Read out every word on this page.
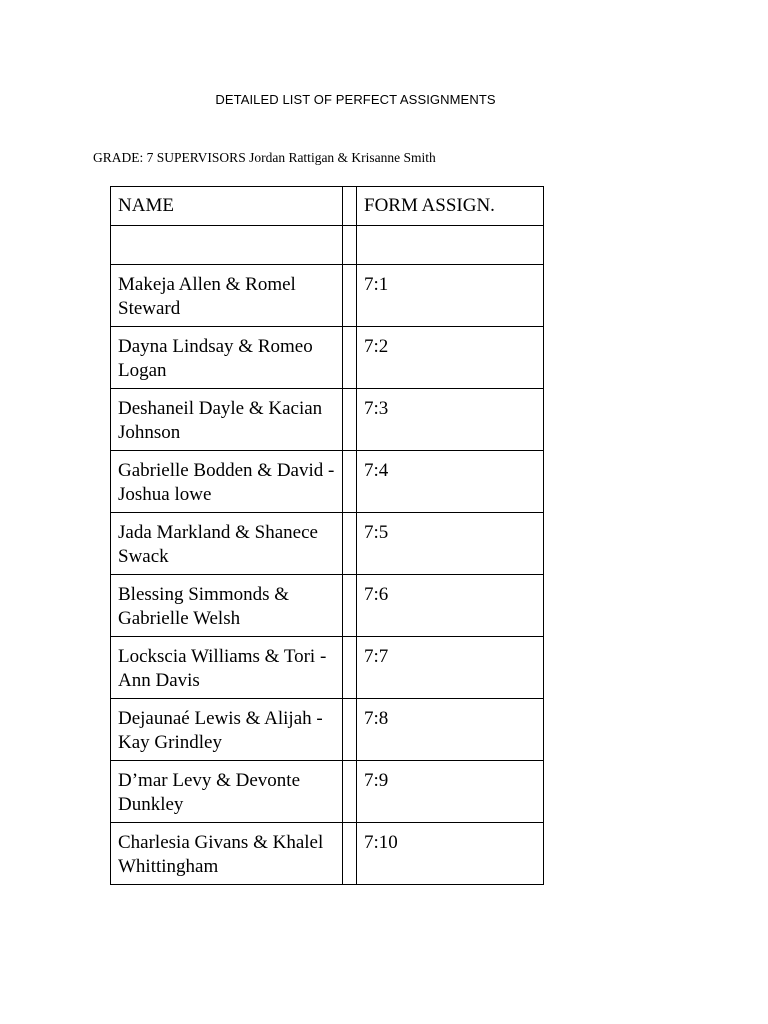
DETAILED LIST OF PERFECT ASSIGNMENTS
GRADE: 7 SUPERVISORS Jordan Rattigan & Krisanne Smith
NAME		FORM ASSIGN.

Makeja Allen & Romel Steward		7:1
Dayna Lindsay & Romeo Logan		7:2
Deshaneil Dayle & Kacian Johnson		7:3
Gabrielle Bodden & David -Joshua lowe		7:4
Jada Markland & Shanece Swack		7:5
Blessing Simmonds & Gabrielle Welsh		7:6
Lockscia Williams & Tori -Ann Davis		7:7
Dejaunaé Lewis & Alijah -Kay Grindley		7:8
D’mar Levy & Devonte Dunkley		7:9
Charlesia Givans & Khalel Whittingham		7:10
